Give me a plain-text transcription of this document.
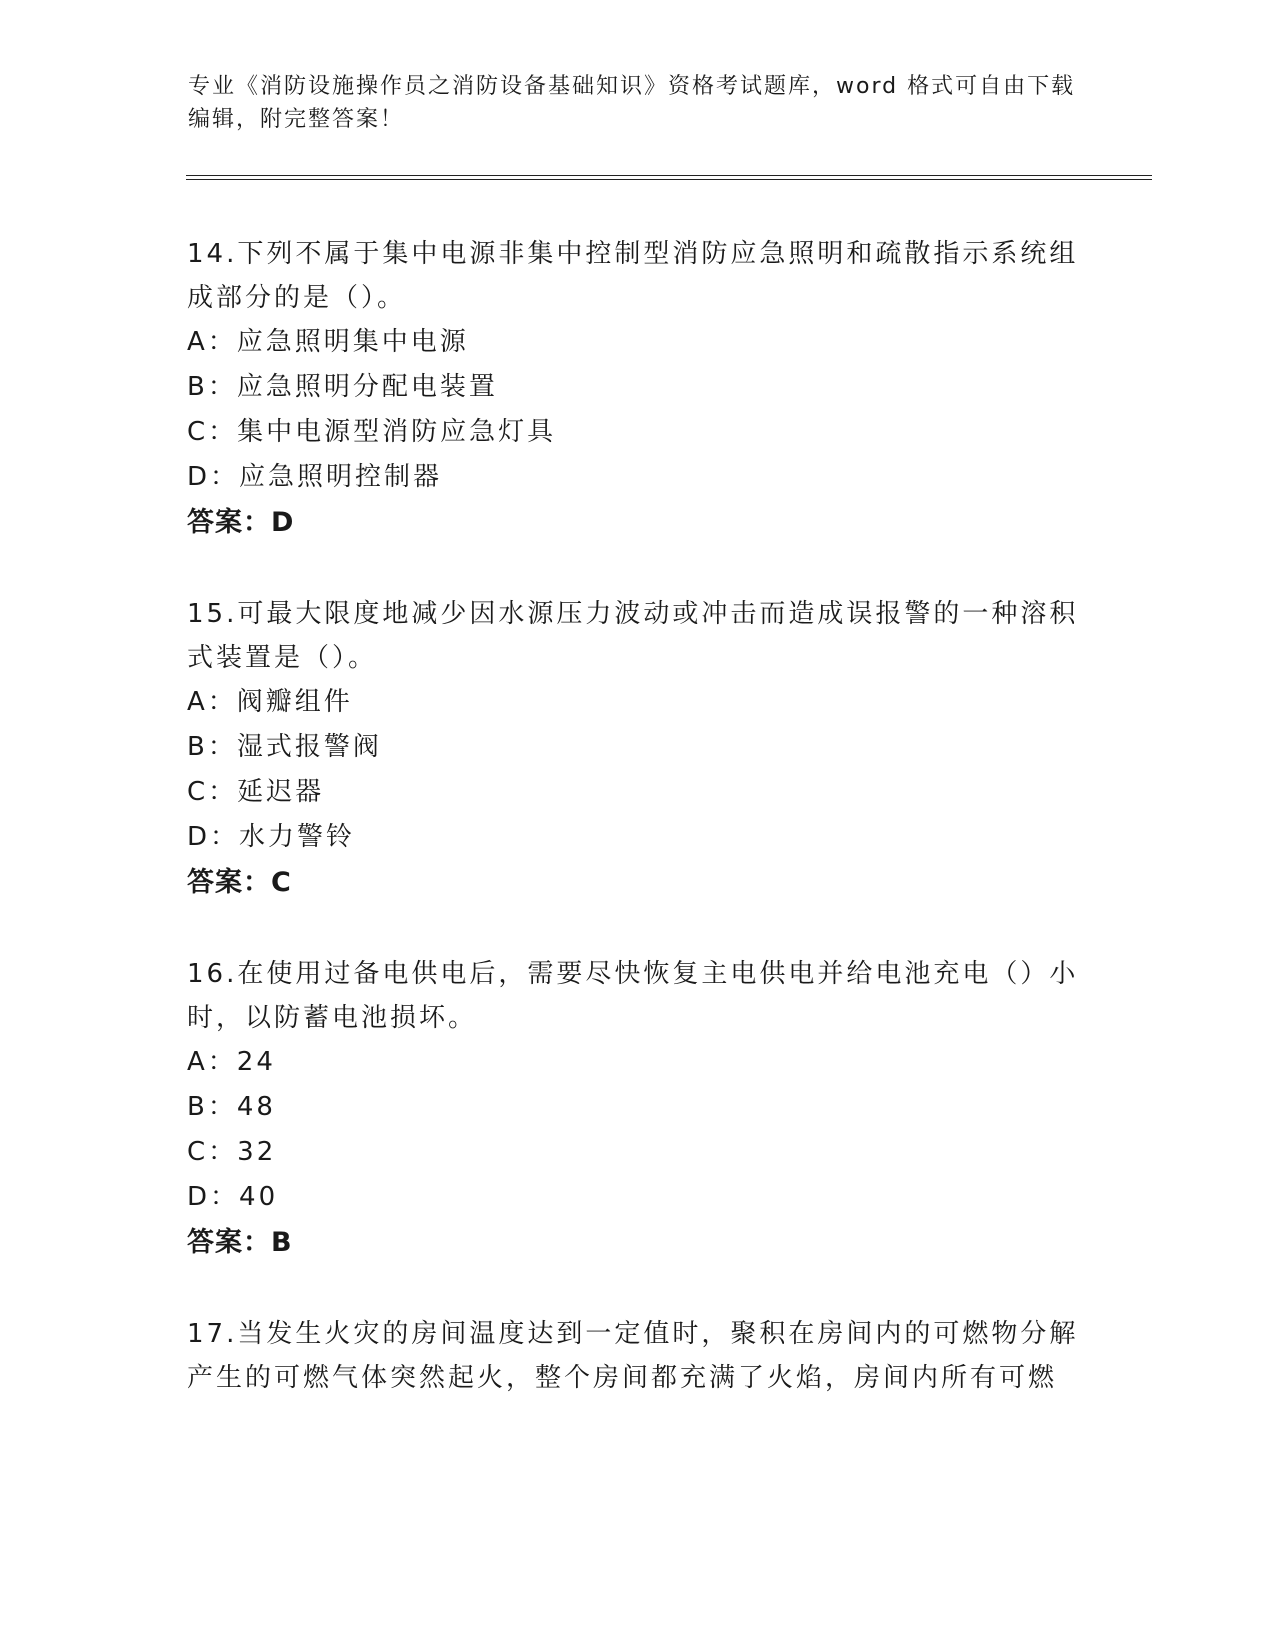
专业《消防设施操作员之消防设备基础知识》资格考试题库，word 格式可自由下载编辑，附完整答案！

14.下列不属于集中电源非集中控制型消防应急照明和疏散指示系统组成部分的是（）。

A：应急照明集中电源

B：应急照明分配电装置

C：集中电源型消防应急灯具

D：应急照明控制器

答案：D

15.可最大限度地减少因水源压力波动或冲击而造成误报警的一种溶积式装置是（）。

A：阀瓣组件

B：湿式报警阀

C：延迟器

D：水力警铃

答案：C

16.在使用过备电供电后，需要尽快恢复主电供电并给电池充电（）小时，以防蓄电池损坏。

A：24

B：48

C：32

D：40

答案：B

17.当发生火灾的房间温度达到一定值时，聚积在房间内的可燃物分解产生的可燃气体突然起火，整个房间都充满了火焰，房间内所有可燃
